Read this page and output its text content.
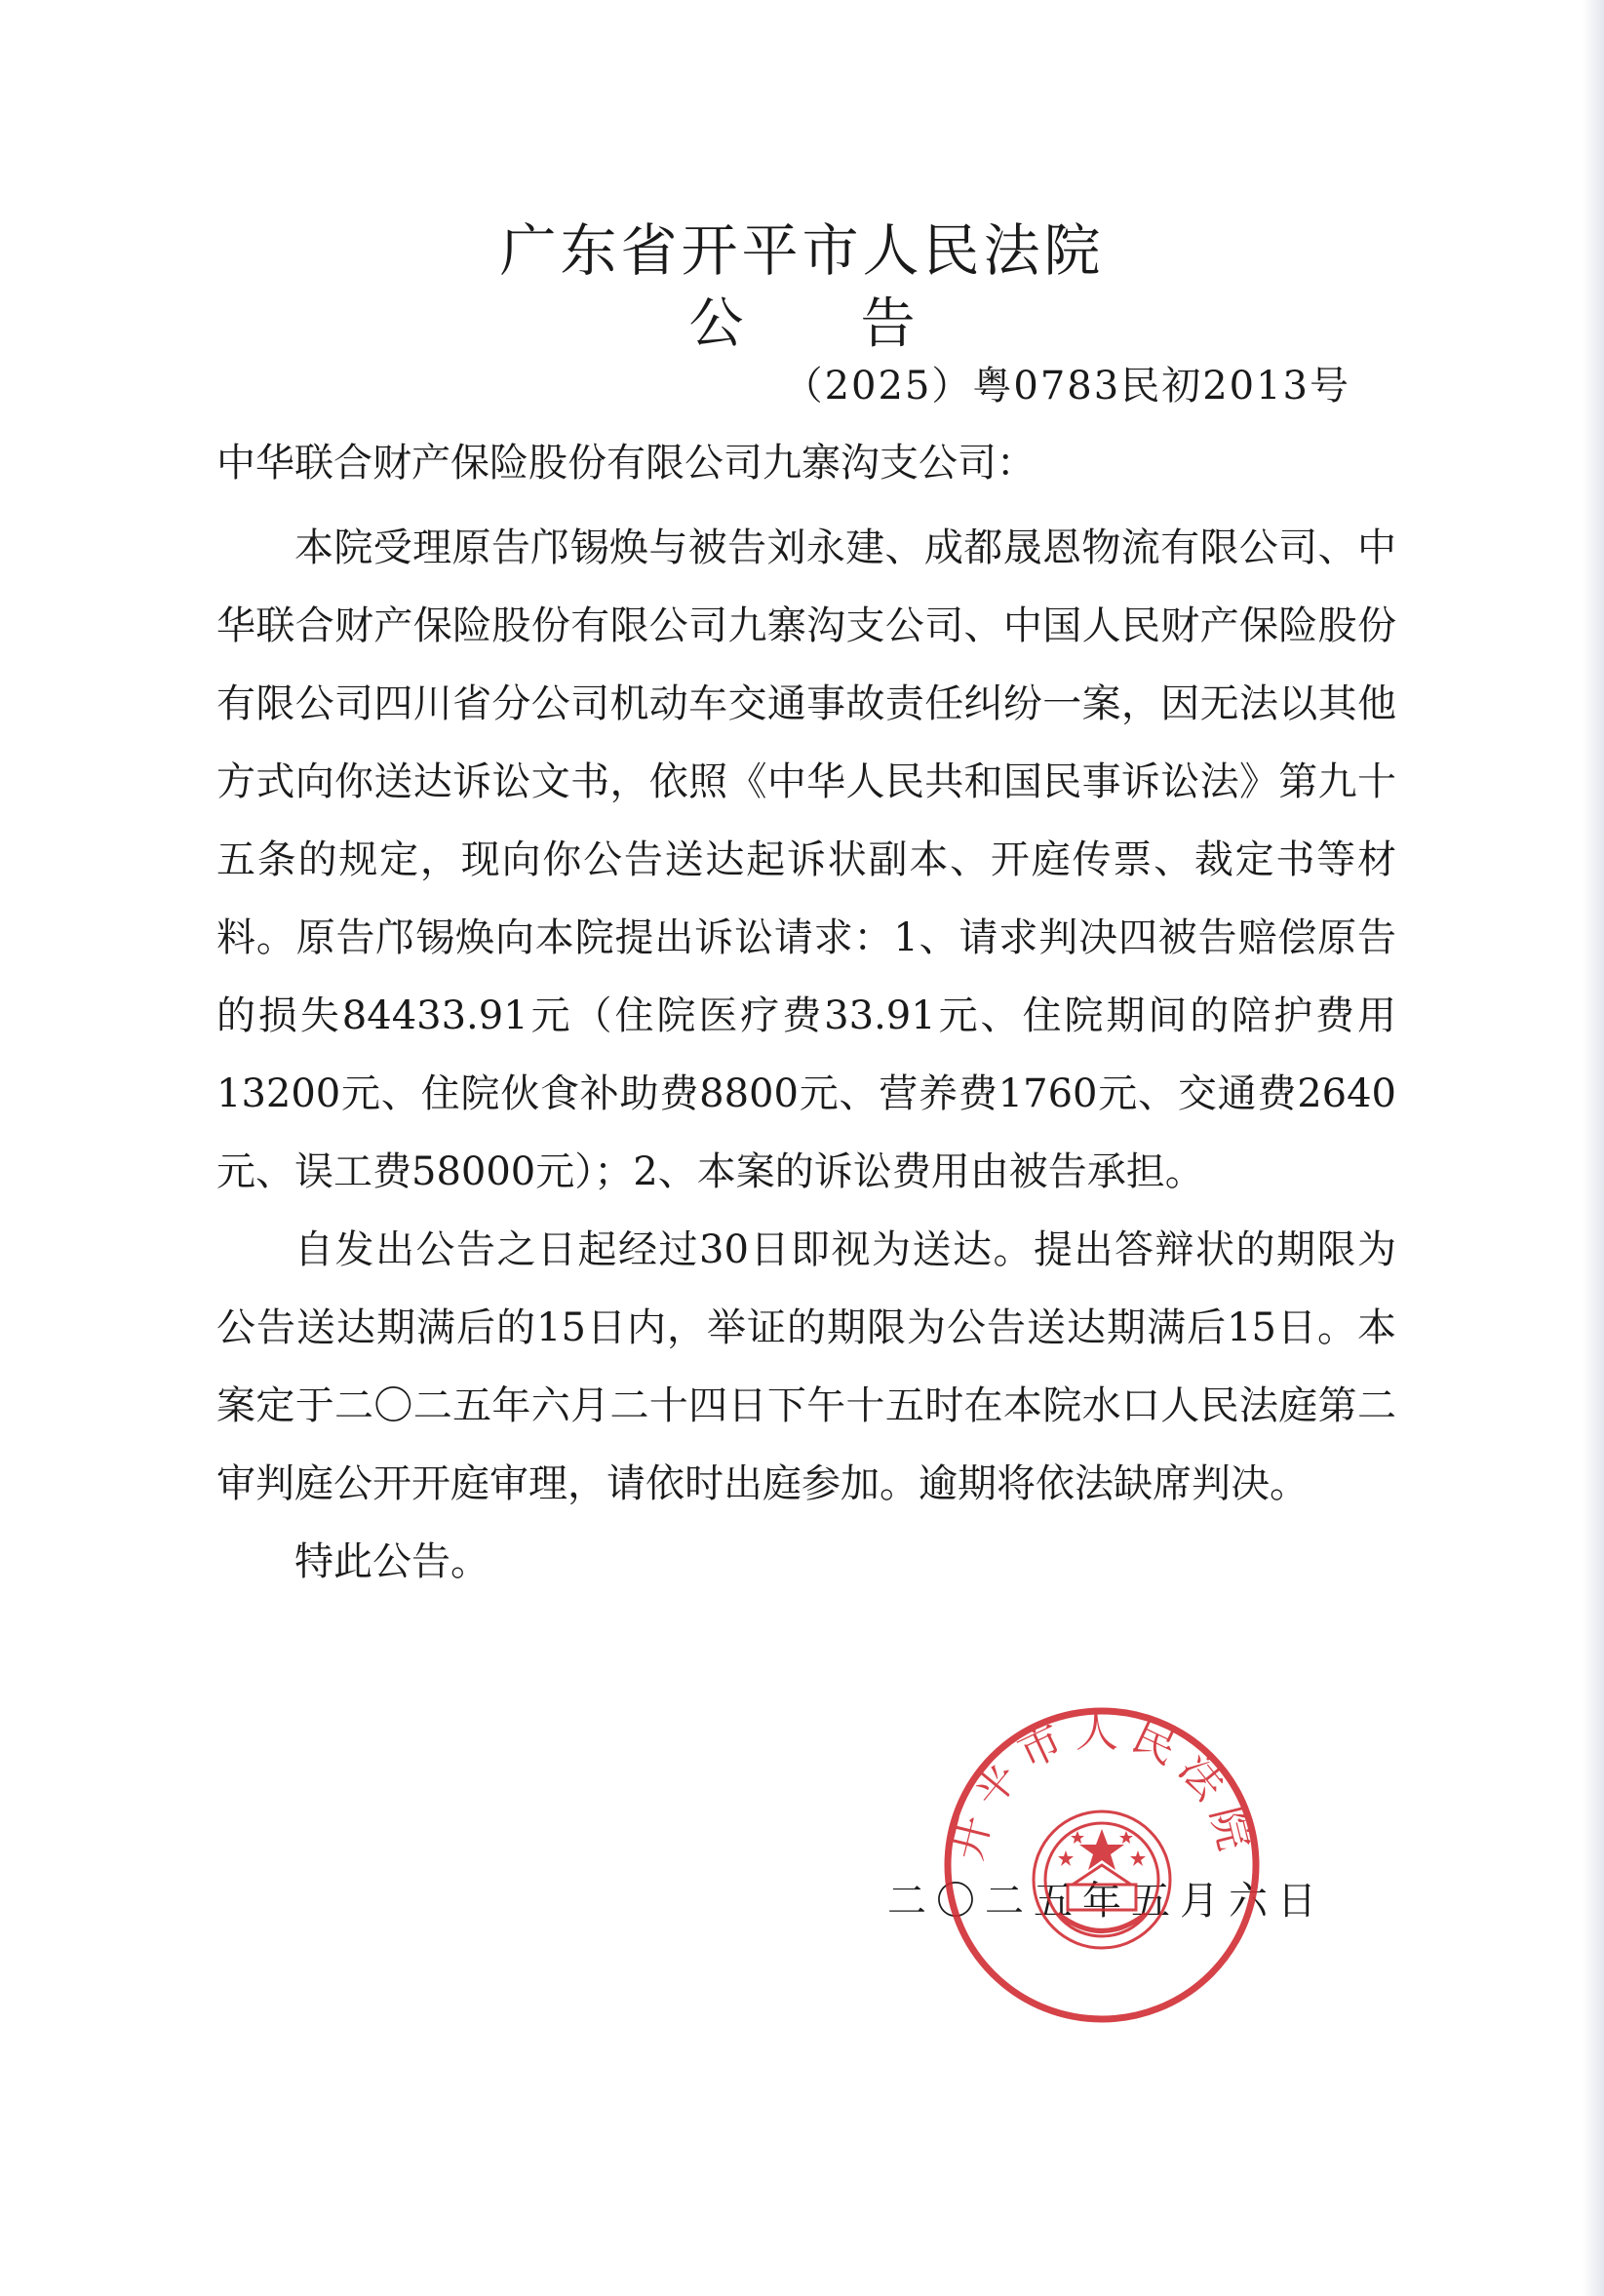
广东省开平市人民法院
公 告
（2025）粤0783民初2013号
中华联合财产保险股份有限公司九寨沟支公司：

本院受理原告邝锡焕与被告刘永建、成都晟恩物流有限公司、中华联合财产保险股份有限公司九寨沟支公司、中国人民财产保险股份有限公司四川省分公司机动车交通事故责任纠纷一案，因无法以其他方式向你送达诉讼文书，依照《中华人民共和国民事诉讼法》第九十五条的规定，现向你公告送达起诉状副本、开庭传票、裁定书等材料。原告邝锡焕向本院提出诉讼请求：1、请求判决四被告赔偿原告的损失84433.91元（住院医疗费33.91元、住院期间的陪护费用13200元、住院伙食补助费8800元、营养费1760元、交通费2640元、误工费58000元）；2、本案的诉讼费用由被告承担。

自发出公告之日起经过30日即视为送达。提出答辩状的期限为公告送达期满后的15日内，举证的期限为公告送达期满后15日。本案定于二〇二五年六月二十四日下午十五时在本院水口人民法庭第二审判庭公开开庭审理，请依时出庭参加。逾期将依法缺席判决。

特此公告。

二〇二五年五月六日
开平市人民法院
